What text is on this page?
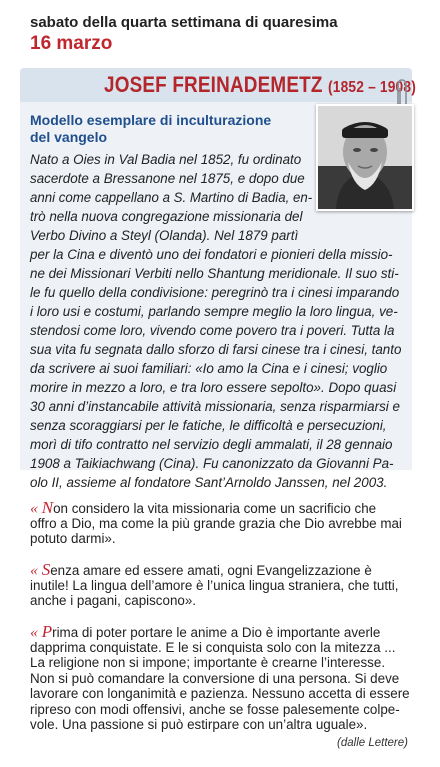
sabato della quarta settimana di quaresima
16 marzo
JOSEF FREINADEMETZ (1852 – 1908)
Modello esemplare di inculturazione
del vangelo
Nato a Oies in Val Badia nel 1852, fu ordinato
sacerdote a Bressanone nel 1875, e dopo due
anni come cappellano a S. Martino di Badia, en-
trò nella nuova congregazione missionaria del
Verbo Divino a Steyl (Olanda). Nel 1879 partì
per la Cina e diventò uno dei fondatori e pionieri della missio-
ne dei Missionari Verbiti nello Shantung meridionale. Il suo sti-
le fu quello della condivisione: peregrinò tra i cinesi imparando
i loro usi e costumi, parlando sempre meglio la loro lingua, ve-
stendosi come loro, vivendo come povero tra i poveri. Tutta la
sua vita fu segnata dallo sforzo di farsi cinese tra i cinesi, tanto
da scrivere ai suoi familiari: «Io amo la Cina e i cinesi; voglio
morire in mezzo a loro, e tra loro essere sepolto». Dopo quasi
30 anni d’instancabile attività missionaria, senza risparmiarsi e
senza scoraggiarsi per le fatiche, le difficoltà e persecuzioni,
morì di tifo contratto nel servizio degli ammalati, il 28 gennaio
1908 a Taikiachwang (Cina). Fu canonizzato da Giovanni Pa-
olo II, assieme al fondatore Sant’Arnoldo Janssen, nel 2003.
« Non considero la vita missionaria come un sacrificio che
offro a Dio, ma come la più grande grazia che Dio avrebbe mai
potuto darmi».
« Senza amare ed essere amati, ogni Evangelizzazione è
inutile! La lingua dell’amore è l’unica lingua straniera, che tutti,
anche i pagani, capiscono».
« Prima di poter portare le anime a Dio è importante averle
dapprima conquistate. E le si conquista solo con la mitezza ...
La religione non si impone; importante è crearne l’interesse.
Non si può comandare la conversione di una persona. Si deve
lavorare con longanimità e pazienza. Nessuno accetta di essere
ripreso con modi offensivi, anche se fosse palesemente colpe-
vole. Una passione si può estirpare con un’altra uguale».
(dalle Lettere)
